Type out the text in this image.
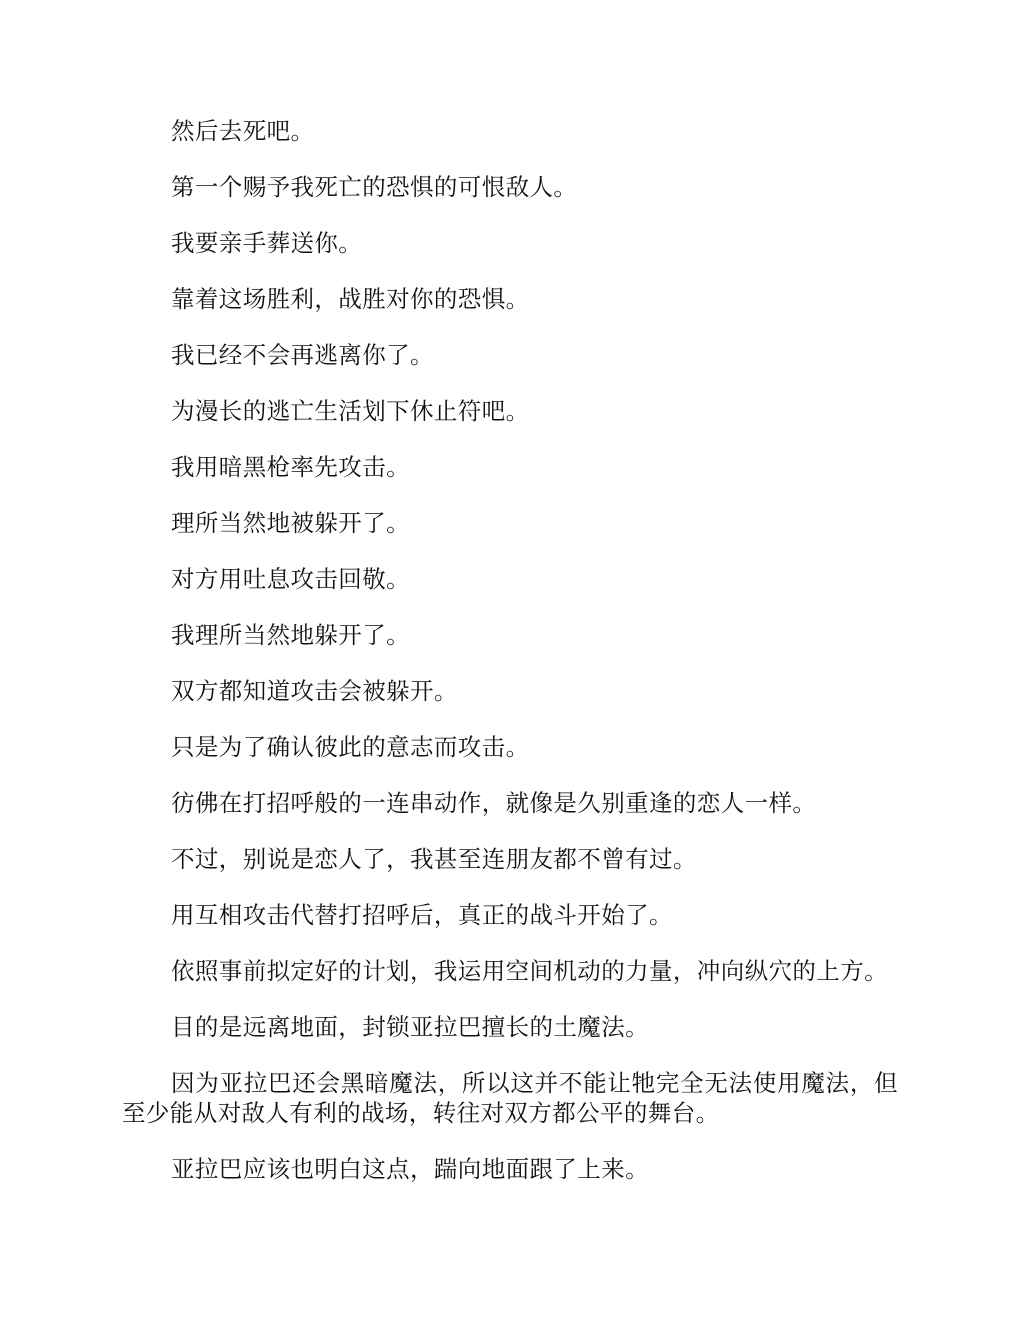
然后去死吧。

第一个赐予我死亡的恐惧的可恨敌人。

我要亲手葬送你。

靠着这场胜利，战胜对你的恐惧。

我已经不会再逃离你了。

为漫长的逃亡生活划下休止符吧。

我用暗黑枪率先攻击。

理所当然地被躲开了。

对方用吐息攻击回敬。

我理所当然地躲开了。

双方都知道攻击会被躲开。

只是为了确认彼此的意志而攻击。

彷佛在打招呼般的一连串动作，就像是久别重逢的恋人一样。

不过，别说是恋人了，我甚至连朋友都不曾有过。

用互相攻击代替打招呼后，真正的战斗开始了。

依照事前拟定好的计划，我运用空间机动的力量，冲向纵穴的上方。

目的是远离地面，封锁亚拉巴擅长的土魔法。

因为亚拉巴还会黑暗魔法，所以这并不能让牠完全无法使用魔法，但至少能从对敌人有利的战场，转往对双方都公平的舞台。

亚拉巴应该也明白这点，踹向地面跟了上来。
